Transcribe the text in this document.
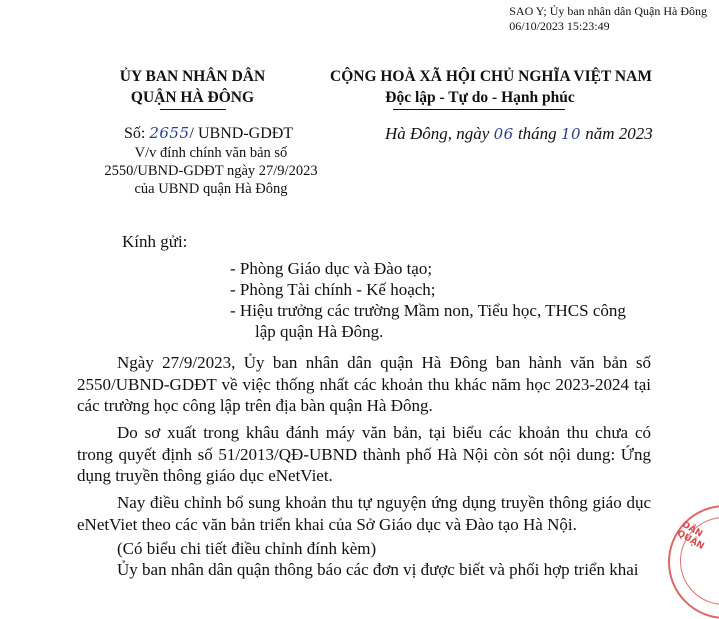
SAO Y; Ủy ban nhân dân Quận Hà Đông
06/10/2023 15:23:49
ỦY BAN NHÂN DÂN
QUẬN HÀ ĐÔNG
CỘNG HOÀ XÃ HỘI CHỦ NGHĨA VIỆT NAM
Độc lập - Tự do - Hạnh phúc
Số: 2655/ UBND-GDĐT
V/v đính chính văn bản số 2550/UBND-GDĐT ngày 27/9/2023 của UBND quận Hà Đông
Hà Đông, ngày 06 tháng 10 năm 2023
Kính gửi:
- Phòng Giáo dục và Đào tạo;
- Phòng Tài chính - Kế hoạch;
- Hiệu trưởng các trường Mầm non, Tiểu học, THCS công
lập quận Hà Đông.
Ngày 27/9/2023, Ủy ban nhân dân quận Hà Đông ban hành văn bản số 2550/UBND-GDĐT về việc thống nhất các khoản thu khác năm học 2023-2024 tại các trường học công lập trên địa bàn quận Hà Đông.
Do sơ xuất trong khâu đánh máy văn bản, tại biểu các khoản thu chưa có trong quyết định số 51/2013/QĐ-UBND thành phố Hà Nội còn sót nội dung: Ứng dụng truyền thông giáo dục eNetViet.
Nay điều chỉnh bổ sung khoản thu tự nguyện ứng dụng truyền thông giáo dục eNetViet theo các văn bản triển khai của Sở Giáo dục và Đào tạo Hà Nội.
(Có biểu chi tiết điều chỉnh đính kèm)
Ủy ban nhân dân quận thông báo các đơn vị được biết và phối hợp triển khai
DÂN QUẬN
